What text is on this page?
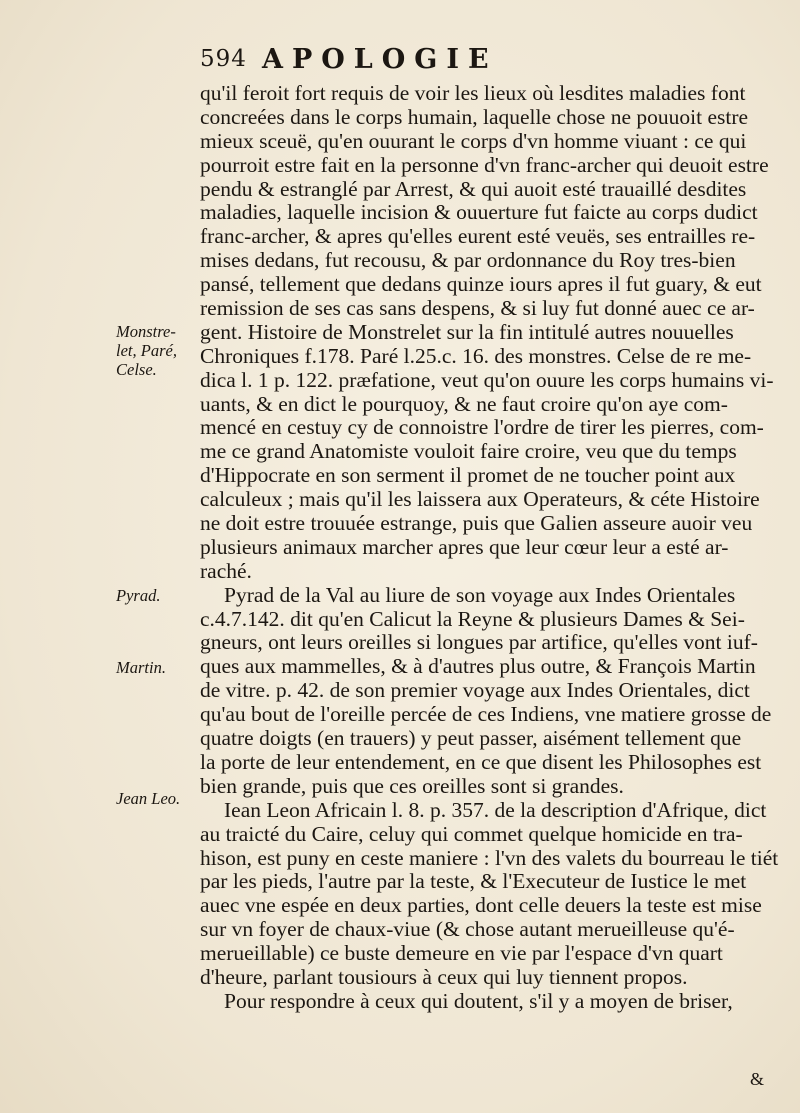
594 APOLOGIE
Monstre-
let, Paré,
Celse.
Pyrad.
Martin.
Jean Leo.
qu'il feroit fort requis de voir les lieux où lesdites maladies font
concreées dans le corps humain, laquelle chose ne pouuoit estre
mieux sceuë, qu'en ouurant le corps d'vn homme viuant : ce qui
pourroit estre fait en la personne d'vn franc-archer qui deuoit estre
pendu & estranglé par Arrest, & qui auoit esté trauaillé desdites
maladies, laquelle incision & ouuerture fut faicte au corps dudict
franc-archer, & apres qu'elles eurent esté veuës, ses entrailles re-
mises dedans, fut recousu, & par ordonnance du Roy tres-bien
pansé, tellement que dedans quinze iours apres il fut guary, & eut
remission de ses cas sans despens, & si luy fut donné auec ce ar-
gent. Histoire de Monstrelet sur la fin intitulé autres nouuelles
Chroniques f.178. Paré l.25.c. 16. des monstres. Celse de re me-
dica l. 1 p. 122. præfatione, veut qu'on ouure les corps humains vi-
uants, & en dict le pourquoy, & ne faut croire qu'on aye com-
mencé en cestuy cy de connoistre l'ordre de tirer les pierres, com-
me ce grand Anatomiste vouloit faire croire, veu que du temps
d'Hippocrate en son serment il promet de ne toucher point aux
calculeux ; mais qu'il les laissera aux Operateurs, & céte Histoire
ne doit estre trouuée estrange, puis que Galien asseure auoir veu
plusieurs animaux marcher apres que leur cœur leur a esté ar-
raché.
Pyrad de la Val au liure de son voyage aux Indes Orientales
c.4.7.142. dit qu'en Calicut la Reyne & plusieurs Dames & Sei-
gneurs, ont leurs oreilles si longues par artifice, qu'elles vont iuf-
ques aux mammelles, & à d'autres plus outre, & François Martin
de vitre. p. 42. de son premier voyage aux Indes Orientales, dict
qu'au bout de l'oreille percée de ces Indiens, vne matiere grosse de
quatre doigts (en trauers) y peut passer, aisément tellement que
la porte de leur entendement, en ce que disent les Philosophes est
bien grande, puis que ces oreilles sont si grandes.
Iean Leon Africain l. 8. p. 357. de la description d'Afrique, dict
au traicté du Caire, celuy qui commet quelque homicide en tra-
hison, est puny en ceste maniere : l'vn des valets du bourreau le tiét
par les pieds, l'autre par la teste, & l'Executeur de Iustice le met
auec vne espée en deux parties, dont celle deuers la teste est mise
sur vn foyer de chaux-viue (& chose autant merueilleuse qu'é-
merueillable) ce buste demeure en vie par l'espace d'vn quart
d'heure, parlant tousiours à ceux qui luy tiennent propos.
Pour respondre à ceux qui doutent, s'il y a moyen de briser,
&
